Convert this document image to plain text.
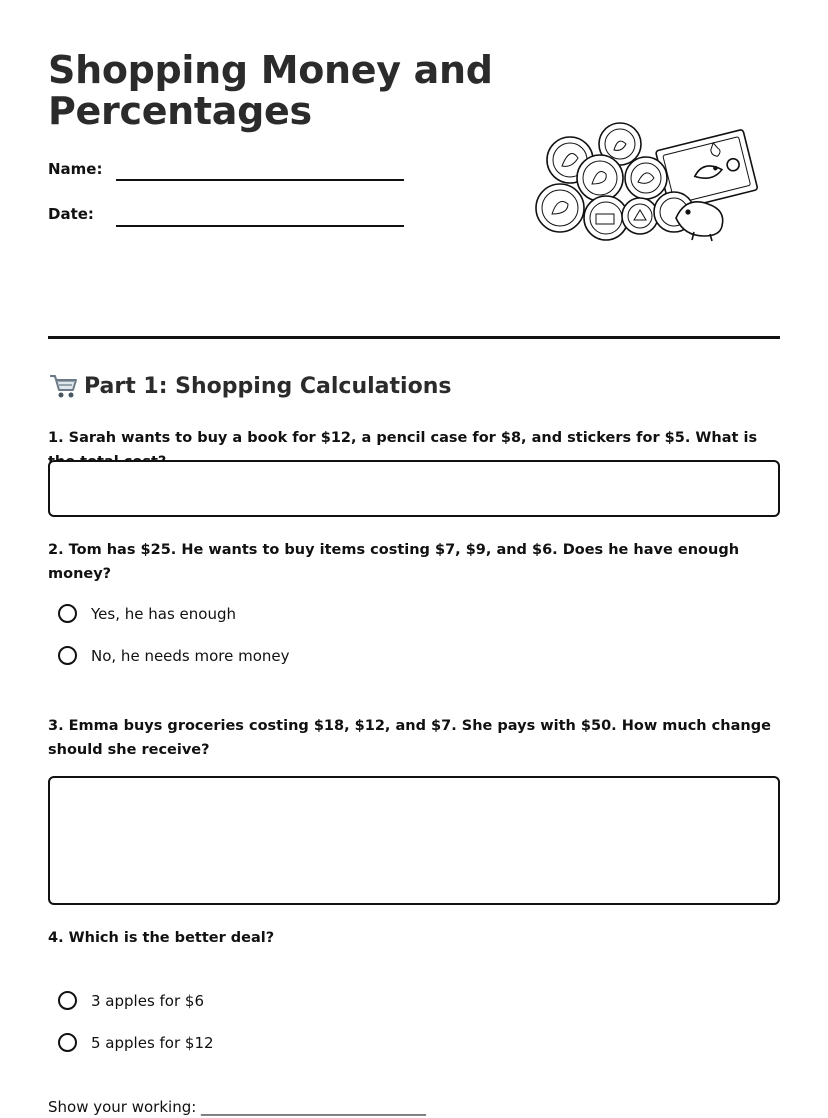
Shopping Money and Percentages
Name:
Date:
Part 1: Shopping Calculations

1. Sarah wants to buy a book for $12, a pencil case for $8, and stickers for $5. What is

2. Tom has $25. He wants to buy items costing $7, $9, and $6. Does he have enough money?

Yes, he has enough
No, he needs more money

3. Emma buys groceries costing $18, $12, and $7. She pays with $50. How much change should she receive?

4. Which is the better deal?

3 apples for $6
5 apples for $12
Show your working: ______________________________
